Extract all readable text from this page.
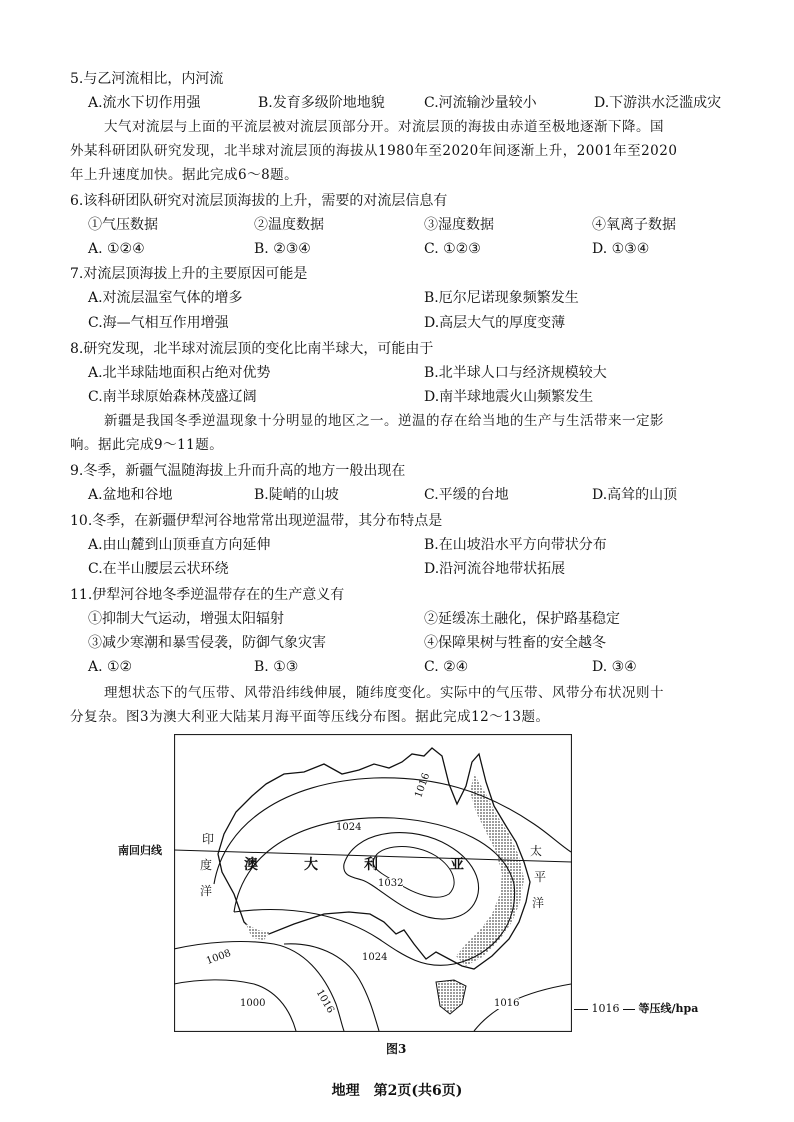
5.与乙河流相比，内河流
A.流水下切作用强	B.发育多级阶地地貌	C.河流输沙量较小	D.下游洪水泛滥成灾
大气对流层与上面的平流层被对流层顶部分开。对流层顶的海拔由赤道至极地逐渐下降。国
外某科研团队研究发现，北半球对流层顶的海拔从1980年至2020年间逐渐上升，2001年至2020
年上升速度加快。据此完成6～8题。
6.该科研团队研究对流层顶海拔的上升，需要的对流层信息有
①气压数据	②温度数据	③湿度数据	④氧离子数据
A. ①②④	B. ②③④	C. ①②③	D. ①③④
7.对流层顶海拔上升的主要原因可能是
A.对流层温室气体的增多	B.厄尔尼诺现象频繁发生
C.海—气相互作用增强	D.高层大气的厚度变薄
8.研究发现，北半球对流层顶的变化比南半球大，可能由于
A.北半球陆地面积占绝对优势	B.北半球人口与经济规模较大
C.南半球原始森林茂盛辽阔	D.南半球地震火山频繁发生
新疆是我国冬季逆温现象十分明显的地区之一。逆温的存在给当地的生产与生活带来一定影
响。据此完成9～11题。
9.冬季，新疆气温随海拔上升而升高的地方一般出现在
A.盆地和谷地	B.陡峭的山坡	C.平缓的台地	D.高耸的山顶
10.冬季，在新疆伊犁河谷地常常出现逆温带，其分布特点是
A.由山麓到山顶垂直方向延伸	B.在山坡沿水平方向带状分布
C.在半山腰层云状环绕	D.沿河流谷地带状拓展
11.伊犁河谷地冬季逆温带存在的生产意义有
①抑制大气运动，增强太阳辐射	②延缓冻土融化，保护路基稳定
③减少寒潮和暴雪侵袭，防御气象灾害	④保障果树与牲畜的安全越冬
A. ①②	B. ①③	C. ②④	D. ③④
理想状态下的气压带、风带沿纬线伸展，随纬度变化。实际中的气压带、风带分布状况则十
分复杂。图3为澳大利亚大陆某月海平面等压线分布图。据此完成12～13题。
南回归线
1016
1024
1032
1024
1008
1000	1016	1016
印
度
洋
太
平
洋
澳	大	利	亚
1016 等压线/hpa
图3
地理　第2页(共6页)
